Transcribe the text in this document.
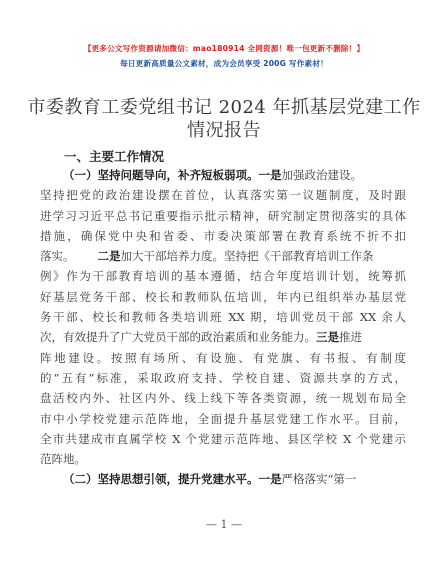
【更多公文写作资源请加微信：mao180914 全网资源！唯一包更新不删除！】
每日更新高质量公文素材，成为会员享受 200G 写作素材！
市委教育工委党组书记 2024 年抓基层党建工作
情况报告
一、主要工作情况
（一）坚持问题导向，补齐短板弱项。一是加强政治建设。
坚持把党的政治建设摆在首位，认真落实第一议题制度，及时跟
进学习习近平总书记重要指示批示精神，研究制定贯彻落实的具体
措施，确保党中央和省委、市委决策部署在教育系统不折不扣
落实。 二是加大干部培养力度。坚持把《干部教育培训工作条
例》作为干部教育培训的基本遵循，结合年度培训计划，统筹抓
好基层党务干部、校长和教师队伍培训，年内已组织举办基层党
务干部、校长和教师各类培训班 XX 期，培训党员干部 XX 余人
次，有效提升了广大党员干部的政治素质和业务能力。三是推进
阵地建设。按照有场所、有设施、有党旗、有书报、有制度
的“五有”标准，采取政府支持、学校自建、资源共享的方式，
盘活校内外、社区内外、线上线下等各类资源，统一规划布局全
市中小学校党建示范阵地，全面提升基层党建工作水平。目前，
全市共建成市直属学校 X 个党建示范阵地、县区学校 X 个党建示
范阵地。
（二）坚持思想引领，提升党建水平。一是严格落实“第一
— 1 —
